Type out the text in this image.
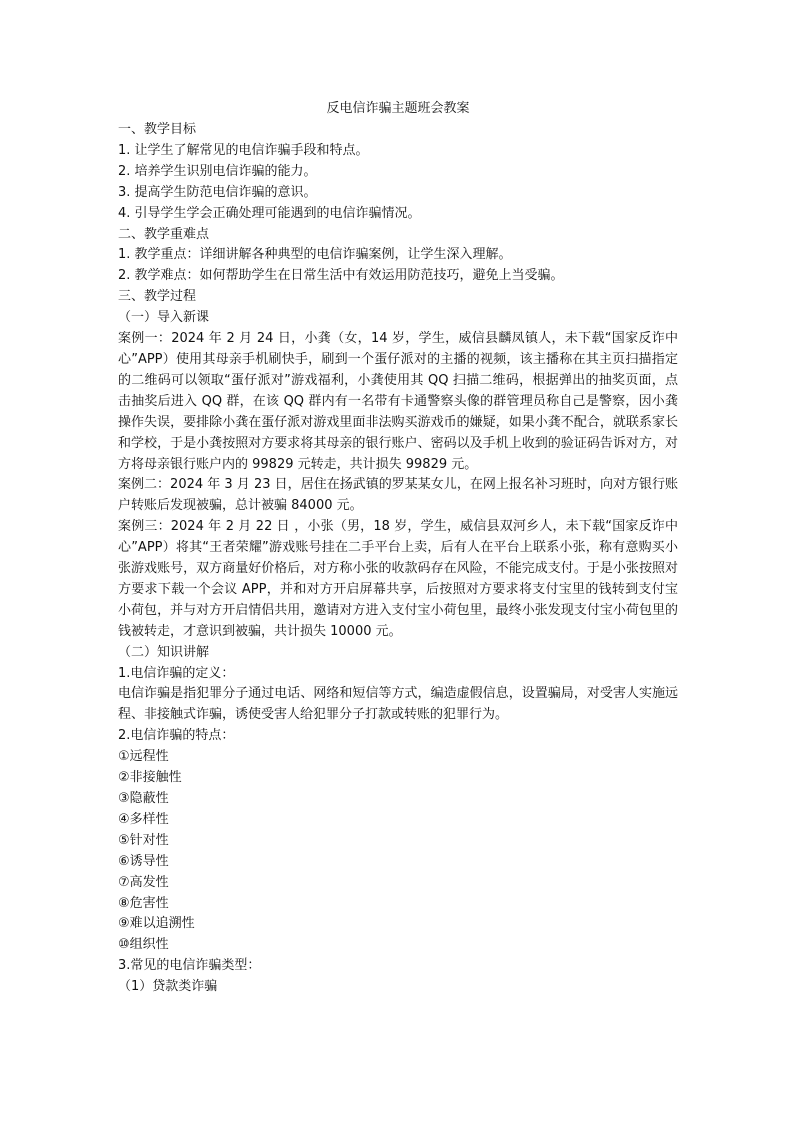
反电信诈骗主题班会教案

一、教学目标

1. 让学生了解常见的电信诈骗手段和特点。

2. 培养学生识别电信诈骗的能力。

3. 提高学生防范电信诈骗的意识。

4. 引导学生学会正确处理可能遇到的电信诈骗情况。

二、教学重难点

1. 教学重点：详细讲解各种典型的电信诈骗案例，让学生深入理解。

2. 教学难点：如何帮助学生在日常生活中有效运用防范技巧，避免上当受骗。

三、教学过程

（一）导入新课

案例一：2024 年 2 月 24 日，小龚（女，14 岁，学生，威信县麟凤镇人，未下载“国家反诈中心”APP）使用其母亲手机刷快手，刷到一个蛋仔派对的主播的视频，该主播称在其主页扫描指定的二维码可以领取“蛋仔派对”游戏福利，小龚使用其 QQ 扫描二维码，根据弹出的抽奖页面，点击抽奖后进入 QQ 群，在该 QQ 群内有一名带有卡通警察头像的群管理员称自己是警察，因小龚操作失误，要排除小龚在蛋仔派对游戏里面非法购买游戏币的嫌疑，如果小龚不配合，就联系家长和学校，于是小龚按照对方要求将其母亲的银行账户、密码以及手机上收到的验证码告诉对方，对方将母亲银行账户内的 99829 元转走，共计损失 99829 元。

案例二：2024 年 3 月 23 日，居住在扬武镇的罗某某女儿，在网上报名补习班时，向对方银行账户转账后发现被骗，总计被骗 84000 元。

案例三：2024 年 2 月 22 日 ，小张（男，18 岁，学生，威信县双河乡人，未下载“国家反诈中心”APP）将其“王者荣耀”游戏账号挂在二手平台上卖，后有人在平台上联系小张，称有意购买小张游戏账号，双方商量好价格后，对方称小张的收款码存在风险，不能完成支付。于是小张按照对方要求下载一个会议 APP，并和对方开启屏幕共享，后按照对方要求将支付宝里的钱转到支付宝小荷包，并与对方开启情侣共用，邀请对方进入支付宝小荷包里，最终小张发现支付宝小荷包里的钱被转走，才意识到被骗，共计损失 10000 元。

（二）知识讲解

1.电信诈骗的定义：

电信诈骗是指犯罪分子通过电话、网络和短信等方式，编造虚假信息，设置骗局，对受害人实施远程、非接触式诈骗，诱使受害人给犯罪分子打款或转账的犯罪行为。

2.电信诈骗的特点：

①远程性

②非接触性

③隐蔽性

④多样性

⑤针对性

⑥诱导性

⑦高发性

⑧危害性

⑨难以追溯性

⑩组织性

3.常见的电信诈骗类型：

（1）贷款类诈骗
